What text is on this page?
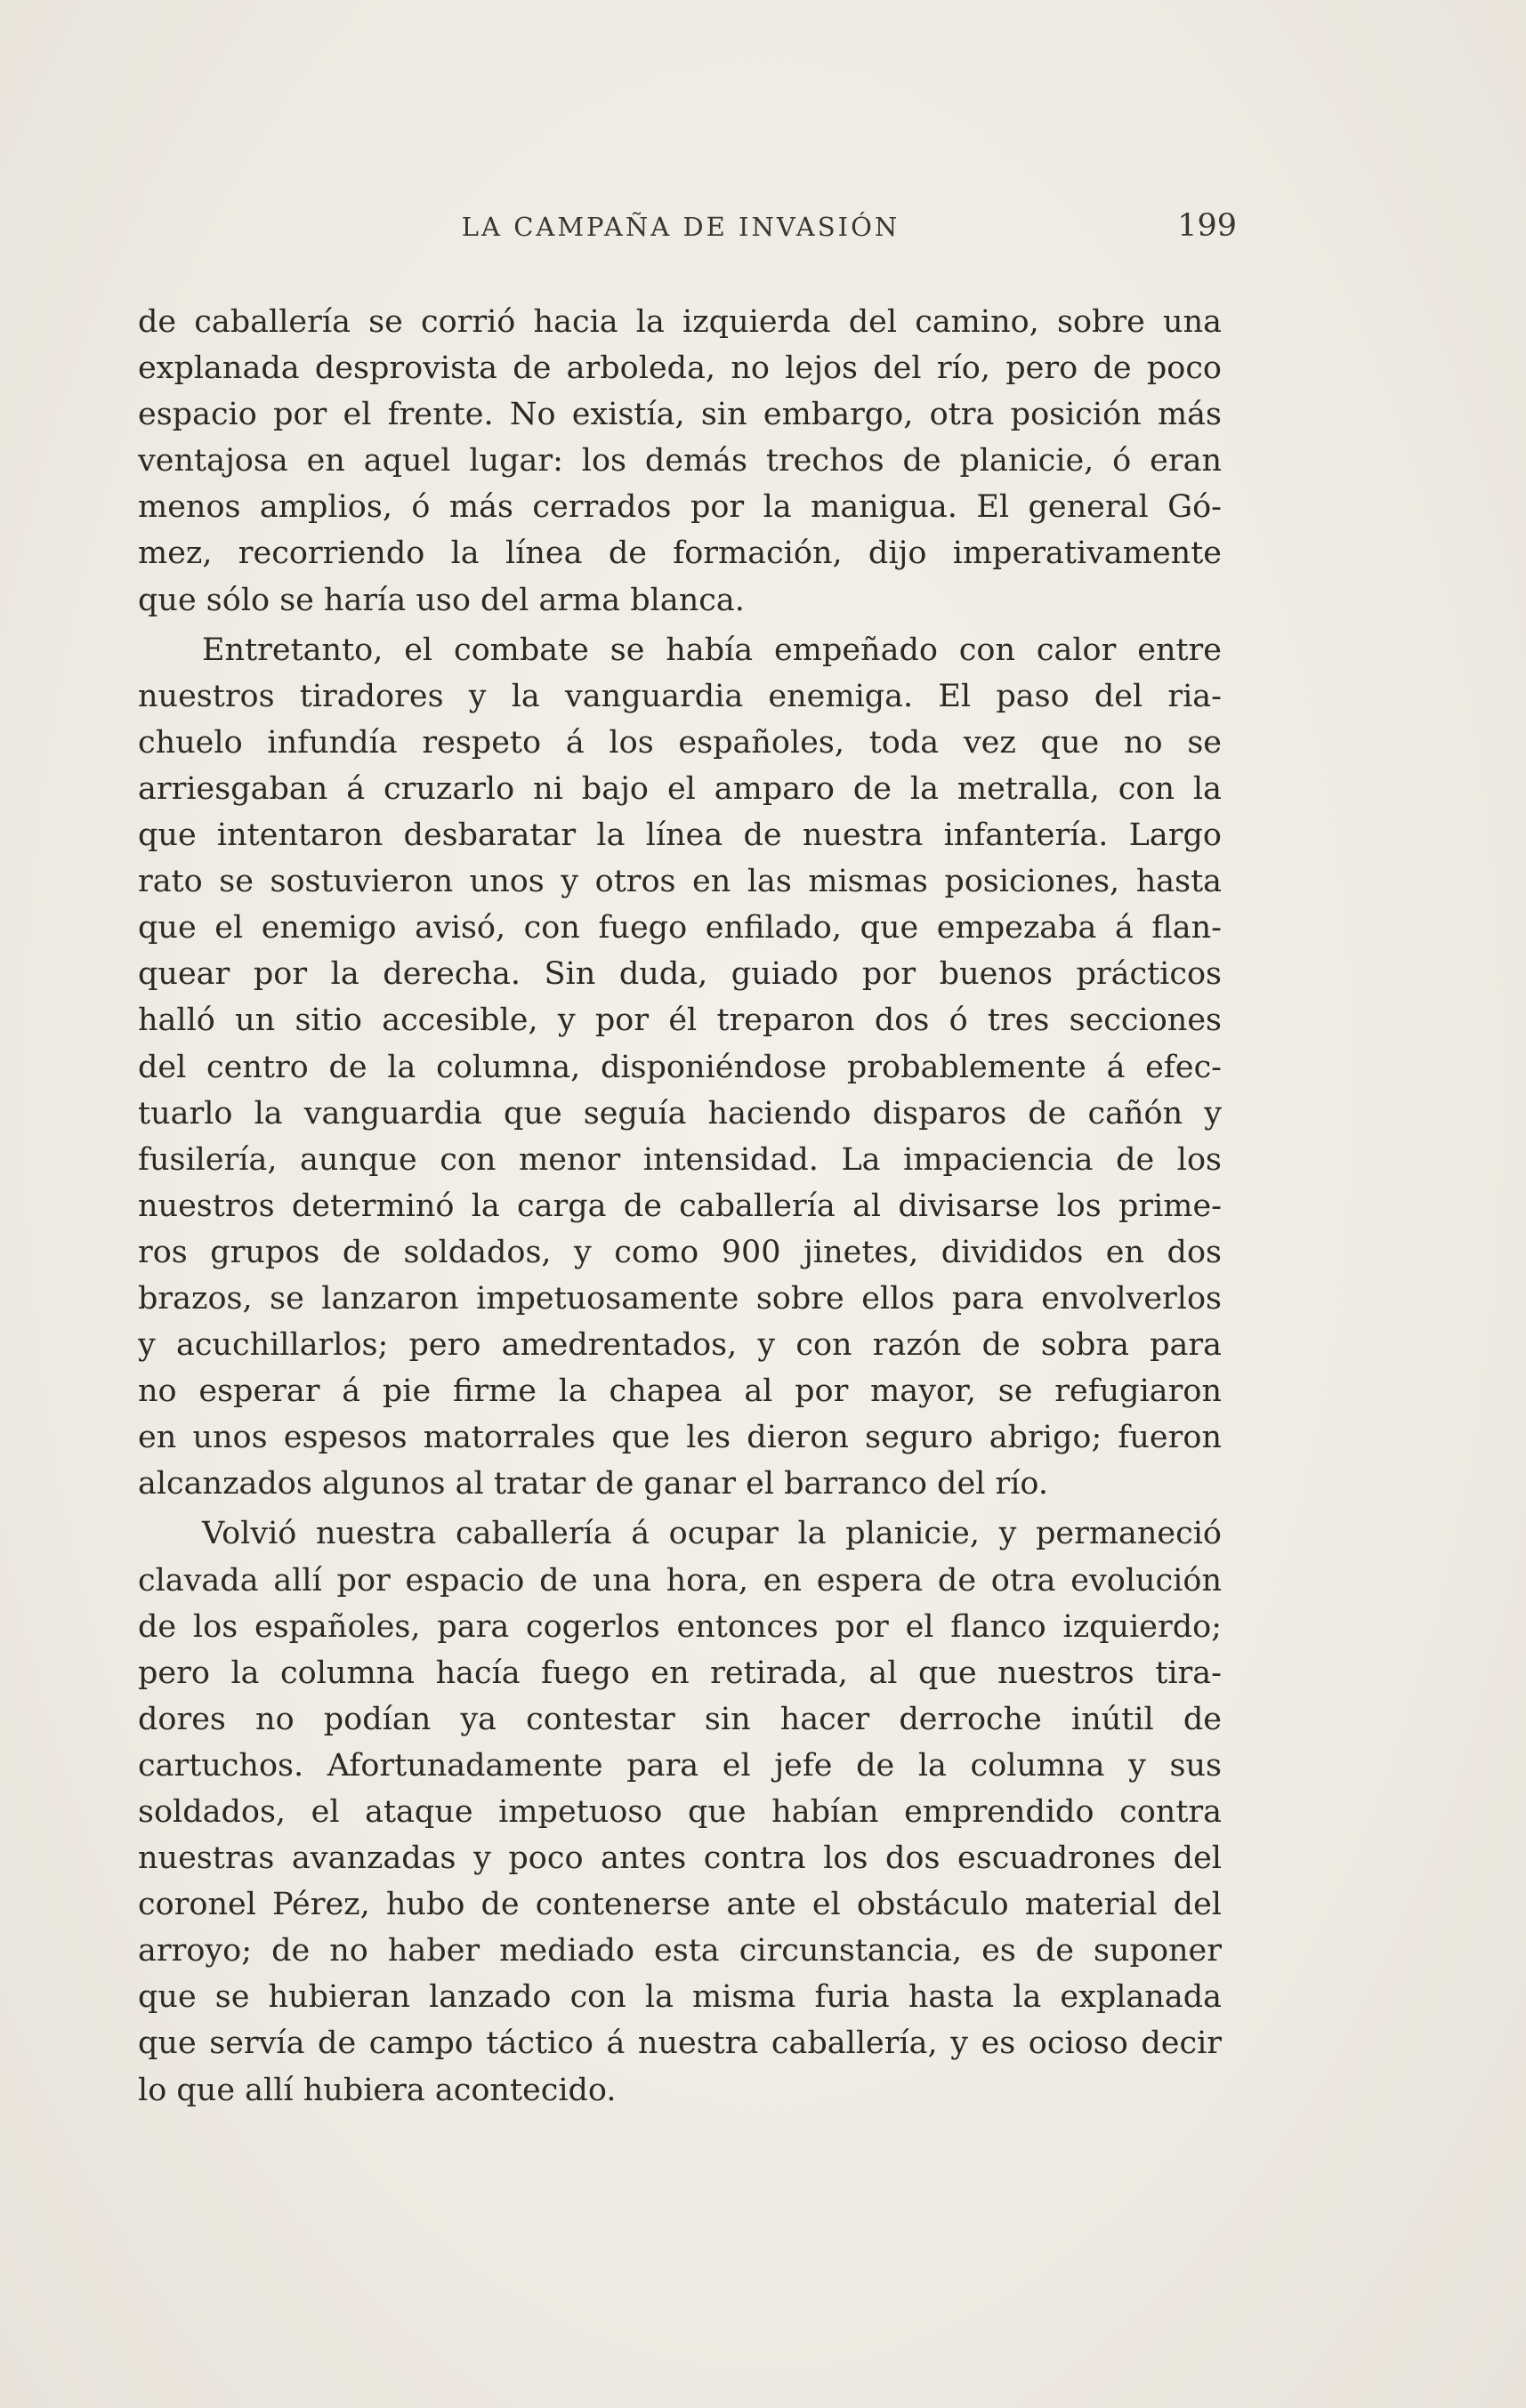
LA CAMPAÑA DE INVASIÓN	199
de caballería se corrió hacia la izquierda del camino, sobre una
explanada desprovista de arboleda, no lejos del río, pero de poco
espacio por el frente. No existía, sin embargo, otra posición más
ventajosa en aquel lugar: los demás trechos de planicie, ó eran
menos amplios, ó más cerrados por la manigua. El general Gó-
mez, recorriendo la línea de formación, dijo imperativamente
que sólo se haría uso del arma blanca.
Entretanto, el combate se había empeñado con calor entre
nuestros tiradores y la vanguardia enemiga. El paso del ria-
chuelo infundía respeto á los españoles, toda vez que no se
arriesgaban á cruzarlo ni bajo el amparo de la metralla, con la
que intentaron desbaratar la línea de nuestra infantería. Largo
rato se sostuvieron unos y otros en las mismas posiciones, hasta
que el enemigo avisó, con fuego enfilado, que empezaba á flan-
quear por la derecha. Sin duda, guiado por buenos prácticos
halló un sitio accesible, y por él treparon dos ó tres secciones
del centro de la columna, disponiéndose probablemente á efec-
tuarlo la vanguardia que seguía haciendo disparos de cañón y
fusilería, aunque con menor intensidad. La impaciencia de los
nuestros determinó la carga de caballería al divisarse los prime-
ros grupos de soldados, y como 900 jinetes, divididos en dos
brazos, se lanzaron impetuosamente sobre ellos para envolverlos
y acuchillarlos; pero amedrentados, y con razón de sobra para
no esperar á pie firme la chapea al por mayor, se refugiaron
en unos espesos matorrales que les dieron seguro abrigo; fueron
alcanzados algunos al tratar de ganar el barranco del río.
Volvió nuestra caballería á ocupar la planicie, y permaneció
clavada allí por espacio de una hora, en espera de otra evolución
de los españoles, para cogerlos entonces por el flanco izquierdo;
pero la columna hacía fuego en retirada, al que nuestros tira-
dores no podían ya contestar sin hacer derroche inútil de
cartuchos. Afortunadamente para el jefe de la columna y sus
soldados, el ataque impetuoso que habían emprendido contra
nuestras avanzadas y poco antes contra los dos escuadrones del
coronel Pérez, hubo de contenerse ante el obstáculo material del
arroyo; de no haber mediado esta circunstancia, es de suponer
que se hubieran lanzado con la misma furia hasta la explanada
que servía de campo táctico á nuestra caballería, y es ocioso decir
lo que allí hubiera acontecido.
